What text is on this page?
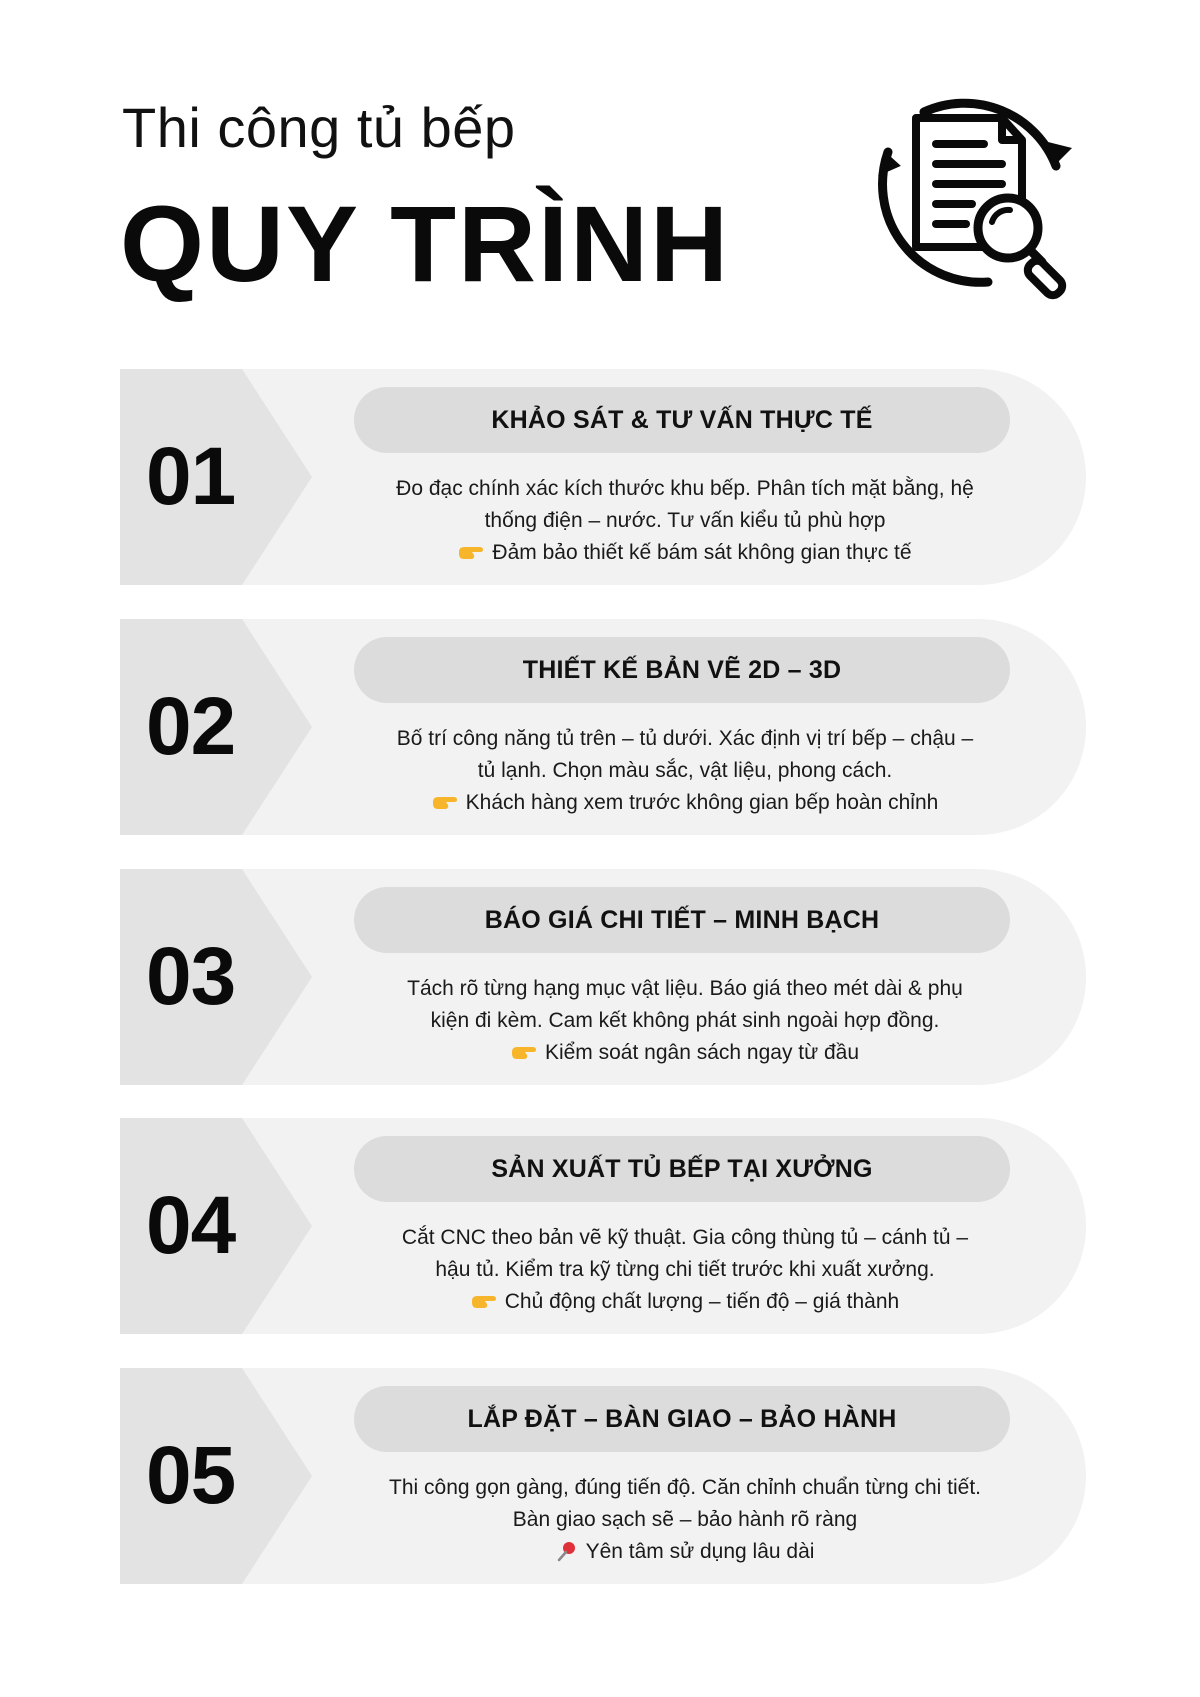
Thi công tủ bếp
QUY TRÌNH
01
KHẢO SÁT & TƯ VẤN THỰC TẾ
Đo đạc chính xác kích thước khu bếp. Phân tích mặt bằng, hệ
thống điện – nước. Tư vấn kiểu tủ phù hợp
Đảm bảo thiết kế bám sát không gian thực tế
02
THIẾT KẾ BẢN VẼ 2D – 3D
Bố trí công năng tủ trên – tủ dưới. Xác định vị trí bếp – chậu –
tủ lạnh. Chọn màu sắc, vật liệu, phong cách.
Khách hàng xem trước không gian bếp hoàn chỉnh
03
BÁO GIÁ CHI TIẾT – MINH BẠCH
Tách rõ từng hạng mục vật liệu. Báo giá theo mét dài & phụ
kiện đi kèm. Cam kết không phát sinh ngoài hợp đồng.
Kiểm soát ngân sách ngay từ đầu
04
SẢN XUẤT TỦ BẾP TẠI XƯỞNG
Cắt CNC theo bản vẽ kỹ thuật. Gia công thùng tủ – cánh tủ –
hậu tủ. Kiểm tra kỹ từng chi tiết trước khi xuất xưởng.
Chủ động chất lượng – tiến độ – giá thành
05
LẮP ĐẶT – BÀN GIAO – BẢO HÀNH
Thi công gọn gàng, đúng tiến độ. Căn chỉnh chuẩn từng chi tiết.
Bàn giao sạch sẽ – bảo hành rõ ràng
Yên tâm sử dụng lâu dài
